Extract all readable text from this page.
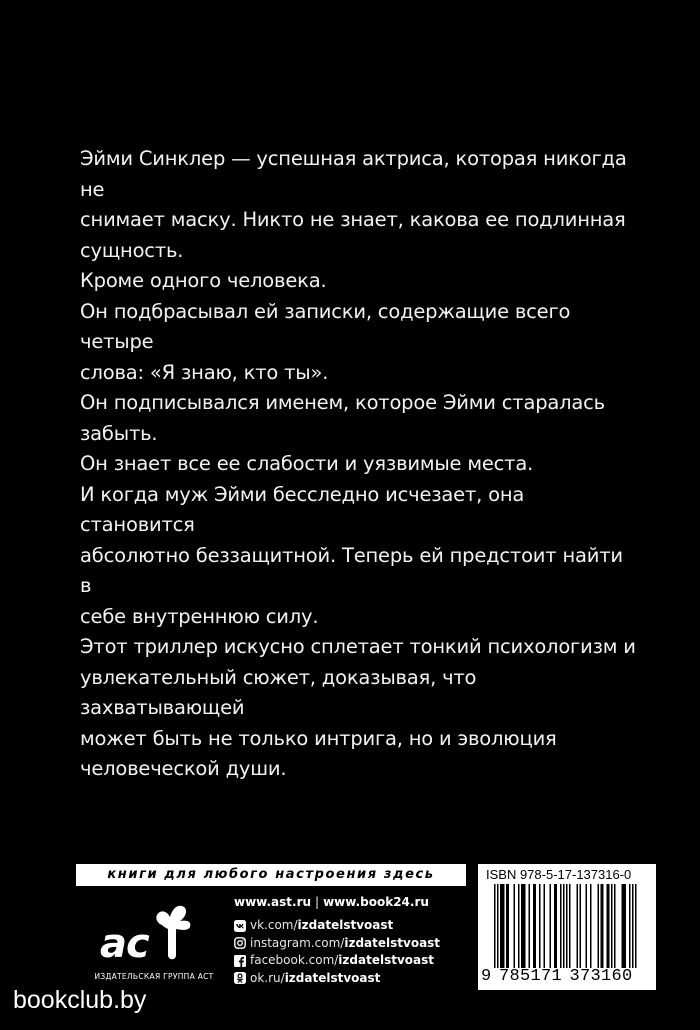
Эйми Синклер — успешная актриса, которая никогда не
снимает маску. Никто не знает, какова ее подлинная
сущность.

Кроме одного человека.

Он подбрасывал ей записки, содержащие всего четыре
слова: «Я знаю, кто ты».

Он подписывался именем, которое Эйми старалась
забыть.

Он знает все ее слабости и уязвимые места.

И когда муж Эйми бесследно исчезает, она становится
абсолютно беззащитной. Теперь ей предстоит найти в
себе внутреннюю силу.

Этот триллер искусно сплетает тонкий психологизм и
увлекательный сюжет, доказывая, что захватывающей
может быть не только интрига, но и эволюция
человеческой души.

книги для любого настроения здесь
а с
ИЗДАТЕЛЬСКАЯ ГРУППА АСТ
www.ast.ru | www.book24.ru
vk.com/ izdatelstvoast
instagram.com/ izdatelstvoast
facebook.com/ izdatelstvoast
ok.ru/ izdatelstvoast
ISBN 978-5-17-137316-0
9 7 8 5 1 7 1 3 7 3 1 6 0
bookclub.by
